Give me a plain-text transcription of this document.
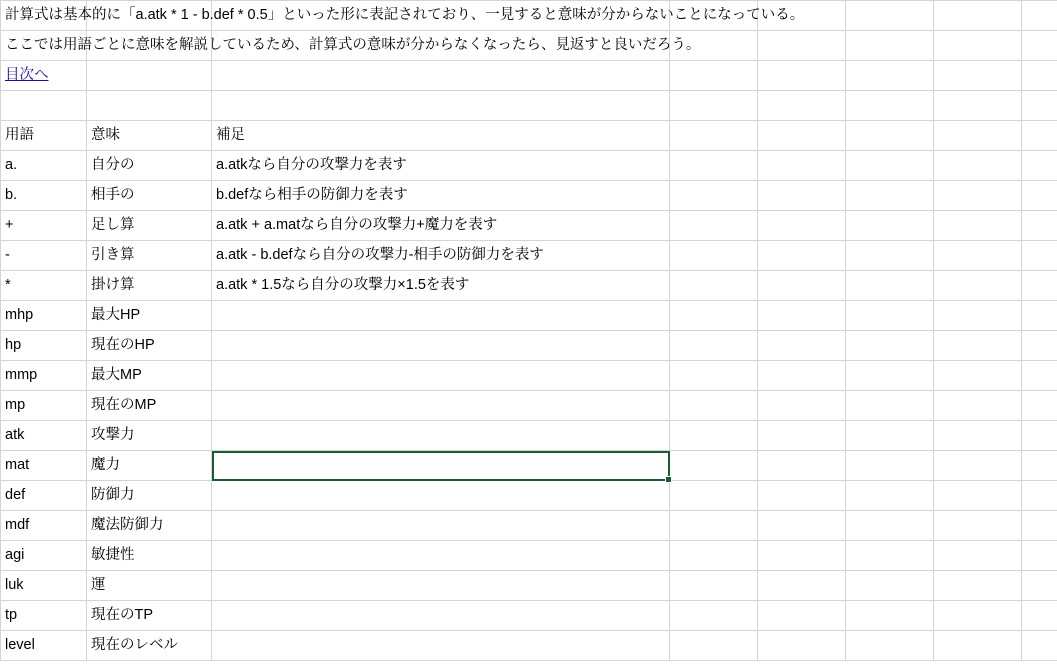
計算式は基本的に「a.atk * 1 - b.def * 0.5」といった形に表記されており、一見すると意味が分からないことになっている。							
ここでは用語ごとに意味を解説しているため、計算式の意味が分からなくなったら、見返すと良いだろう。							
目次へ							

用語	意味	補足					
a.	自分の	a.atkなら自分の攻撃力を表す					
b.	相手の	b.defなら相手の防御力を表す					
+	足し算	a.atk + a.matなら自分の攻撃力+魔力を表す					
-	引き算	a.atk - b.defなら自分の攻撃力-相手の防御力を表す					
*	掛け算	a.atk * 1.5なら自分の攻撃力×1.5を表す					
mhp	最大HP						
hp	現在のHP						
mmp	最大MP						
mp	現在のMP						
atk	攻撃力						
mat	魔力						
def	防御力						
mdf	魔法防御力						
agi	敏捷性						
luk	運						
tp	現在のTP						
level	現在のレベル						
